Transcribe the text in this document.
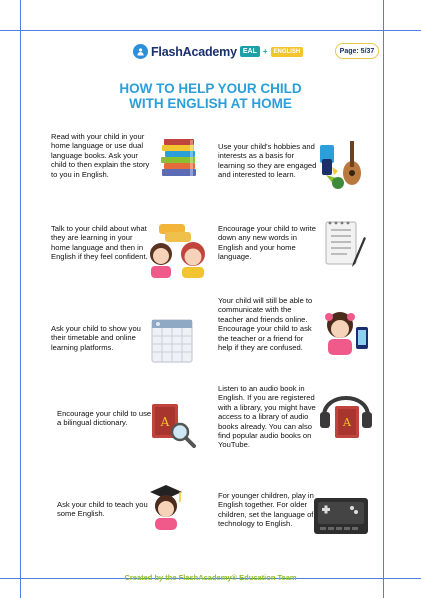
FlashAcademy EAL +	ENGLISH	Page: 5/37
HOW TO HELP YOUR CHILD
WITH ENGLISH AT HOME
Read with your child in your home language or use dual language books. Ask your child to then explain the story to you in English.
Use your child's hobbies and interests as a basis for learning so they are engaged and interested to learn.
Talk to your child about what they are learning in your home language and then in English if they feel confident.
Encourage your child to write down any new words in English and your home language.
Your child will still be able to communicate with the teacher and friends online. Encourage your child to ask the teacher or a friend for help if they are confused.
Ask your child to show you their timetable and online learning platforms.
Listen to an audio book in English. If you are registered with a library, you might have access to a library of audio books already. You can also find popular audio books on YouTube.
A
Encourage your child to use a bilingual dictionary.	A
Ask your child to teach you some English.
For younger children, play in English together. For older children, set the language of technology to English.
Created by the FlashAcademy® Education Team
